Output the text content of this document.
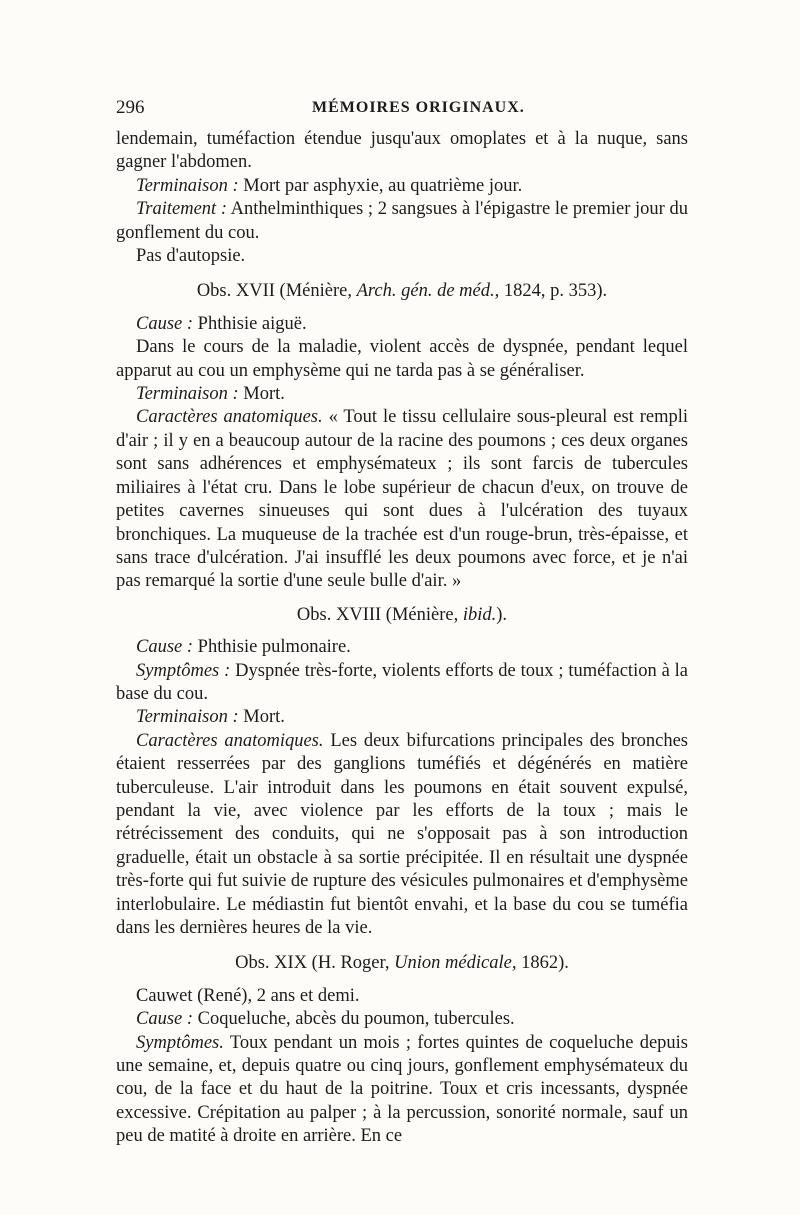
296	MÉMOIRES ORIGINAUX.

lendemain, tuméfaction étendue jusqu'aux omoplates et à la nuque, sans gagner l'abdomen.

Terminaison : Mort par asphyxie, au quatrième jour.

Traitement : Anthelminthiques ; 2 sangsues à l'épigastre le premier jour du gonflement du cou.

Pas d'autopsie.

Obs. XVII (Ménière, Arch. gén. de méd., 1824, p. 353).

Cause : Phthisie aiguë.

Dans le cours de la maladie, violent accès de dyspnée, pendant lequel apparut au cou un emphysème qui ne tarda pas à se généraliser.

Terminaison : Mort.

Caractères anatomiques. « Tout le tissu cellulaire sous-pleural est rempli d'air ; il y en a beaucoup autour de la racine des poumons ; ces deux organes sont sans adhérences et emphysémateux ; ils sont farcis de tubercules miliaires à l'état cru. Dans le lobe supérieur de chacun d'eux, on trouve de petites cavernes sinueuses qui sont dues à l'ulcération des tuyaux bronchiques. La muqueuse de la trachée est d'un rouge-brun, très-épaisse, et sans trace d'ulcération. J'ai insufflé les deux poumons avec force, et je n'ai pas remarqué la sortie d'une seule bulle d'air. »

Obs. XVIII (Ménière, ibid.).

Cause : Phthisie pulmonaire.

Symptômes : Dyspnée très-forte, violents efforts de toux ; tuméfaction à la base du cou.

Terminaison : Mort.

Caractères anatomiques. Les deux bifurcations principales des bronches étaient resserrées par des ganglions tuméfiés et dégénérés en matière tuberculeuse. L'air introduit dans les poumons en était souvent expulsé, pendant la vie, avec violence par les efforts de la toux ; mais le rétrécissement des conduits, qui ne s'opposait pas à son introduction graduelle, était un obstacle à sa sortie précipitée. Il en résultait une dyspnée très-forte qui fut suivie de rupture des vésicules pulmonaires et d'emphysème interlobulaire. Le médiastin fut bientôt envahi, et la base du cou se tuméfia dans les dernières heures de la vie.

Obs. XIX (H. Roger, Union médicale, 1862).

Cauwet (René), 2 ans et demi.

Cause : Coqueluche, abcès du poumon, tubercules.

Symptômes. Toux pendant un mois ; fortes quintes de coqueluche depuis une semaine, et, depuis quatre ou cinq jours, gonflement emphysémateux du cou, de la face et du haut de la poitrine. Toux et cris incessants, dyspnée excessive. Crépitation au palper ; à la percussion, sonorité normale, sauf un peu de matité à droite en arrière. En ce
